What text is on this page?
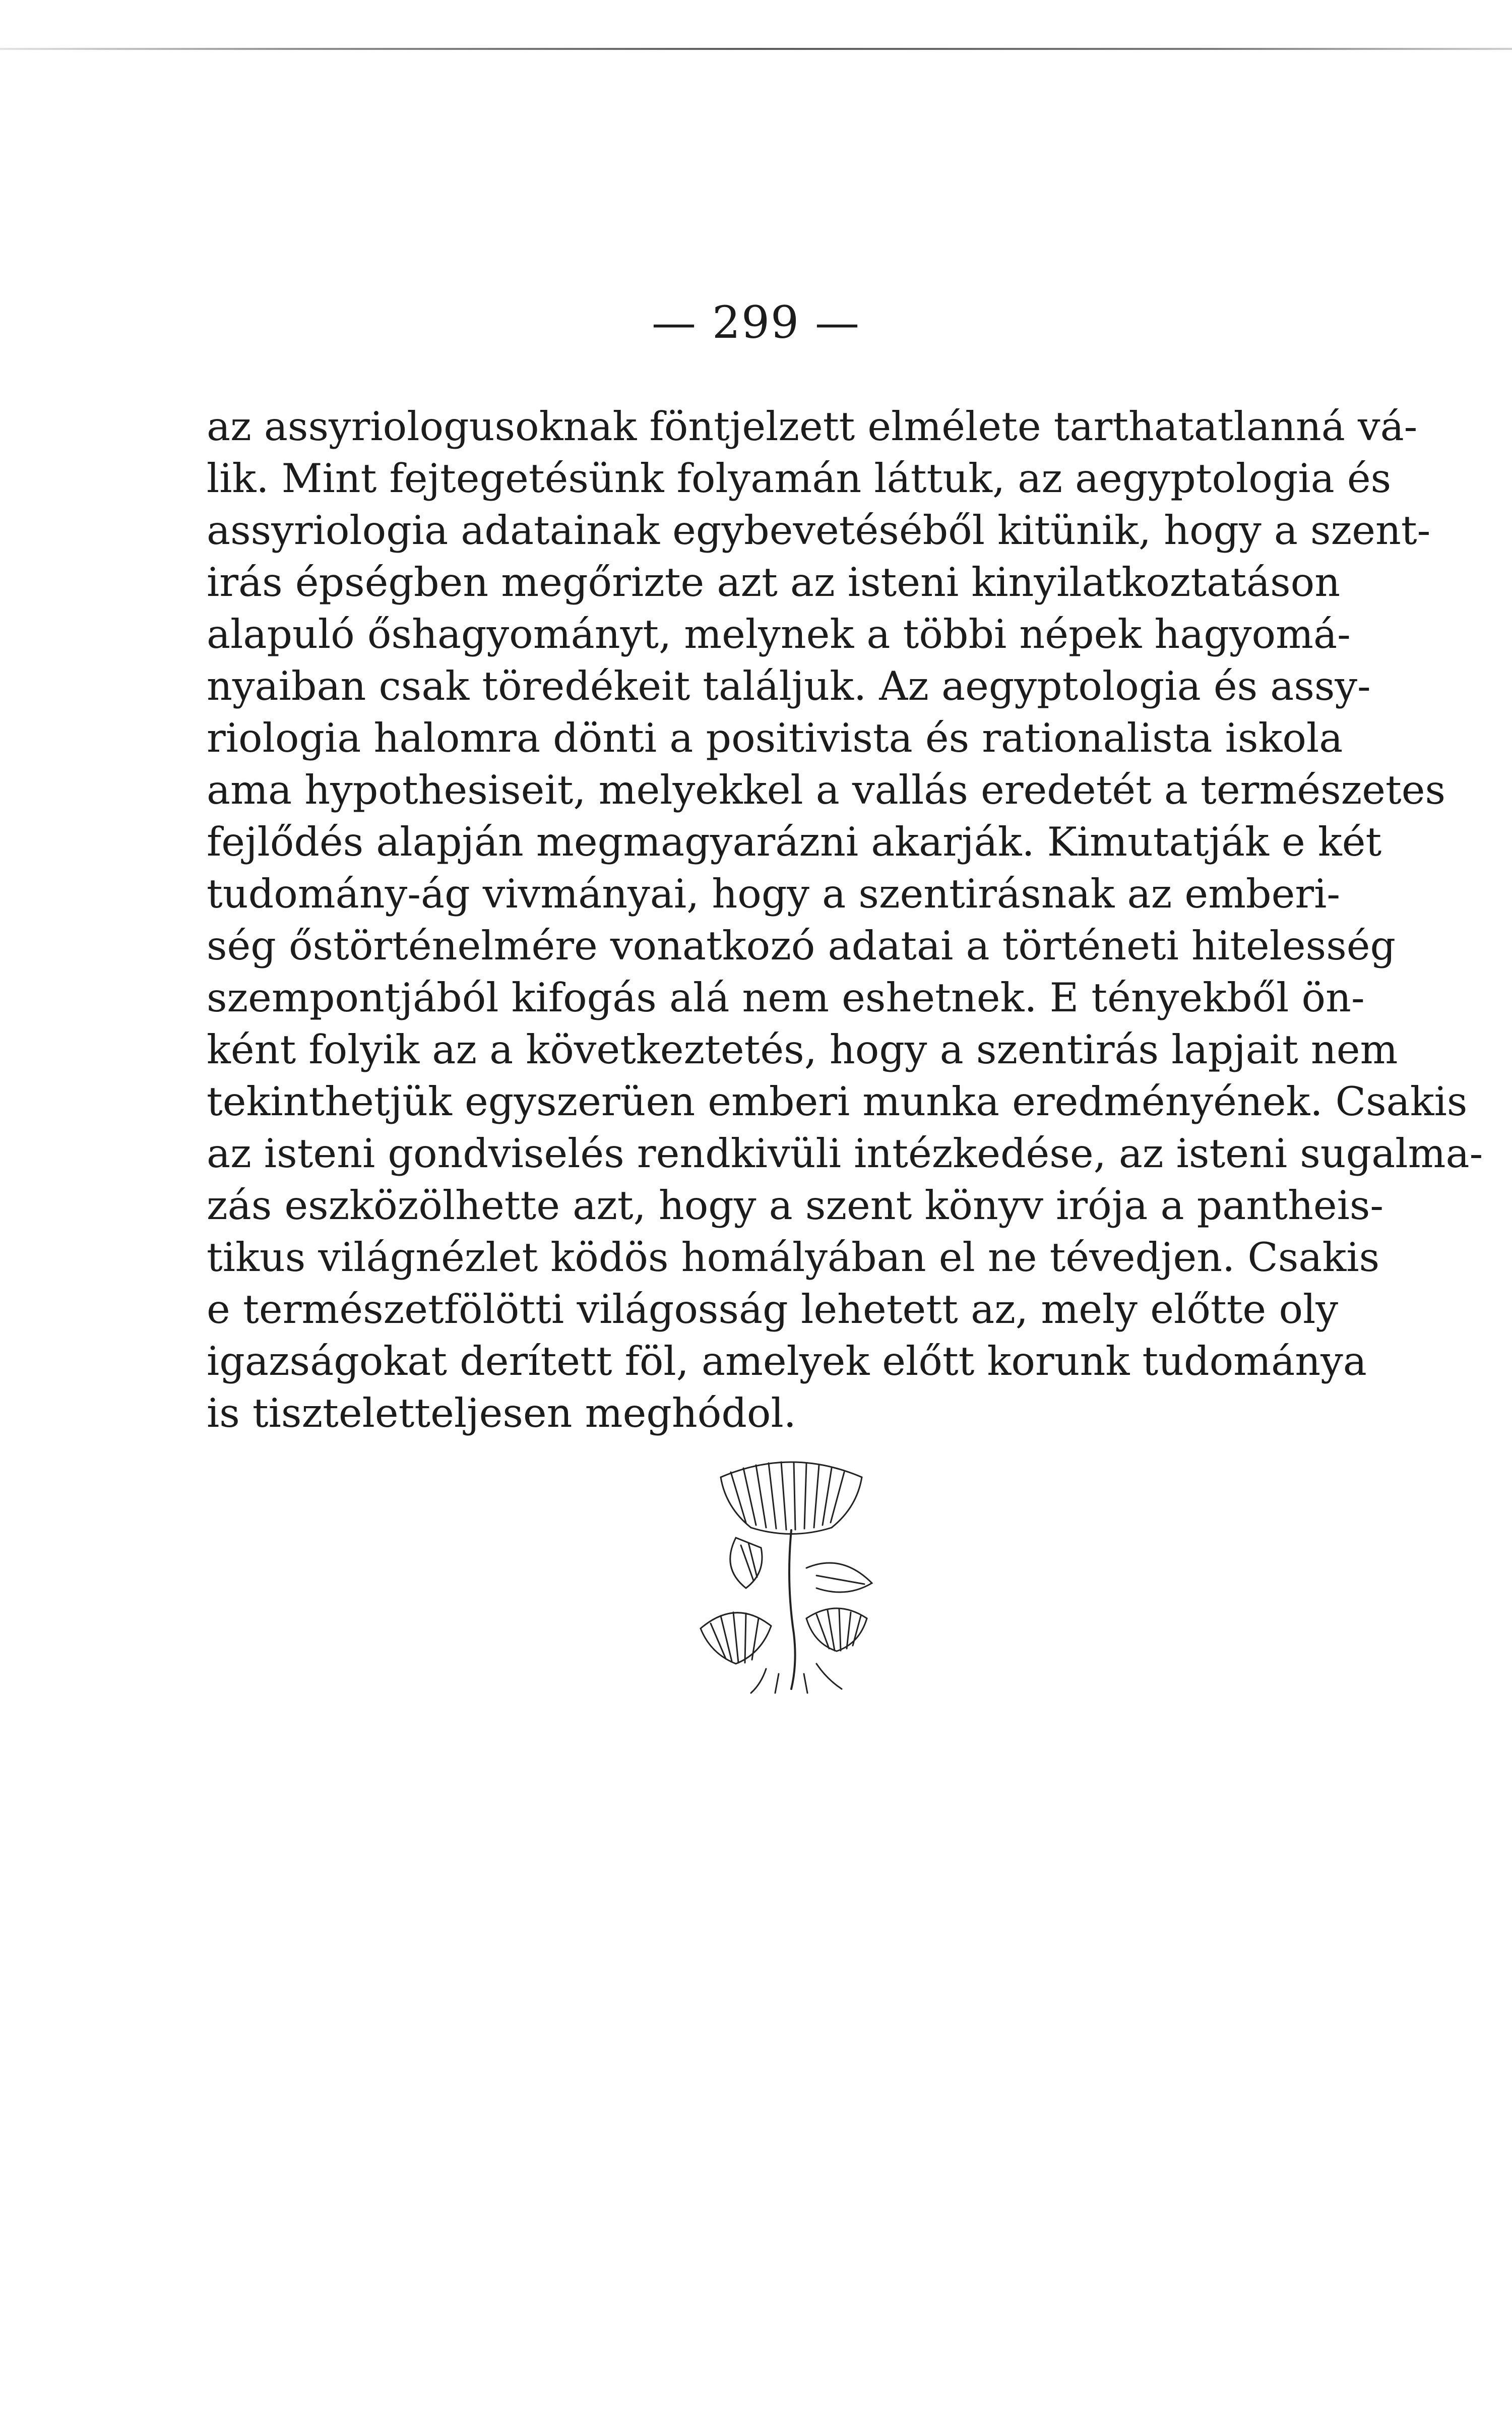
— 299 —
az assyriologusoknak föntjelzett elmélete tarthatatlanná vá-
lik. Mint fejtegetésünk folyamán láttuk, az aegyptologia és
assyriologia adatainak egybevetéséből kitünik, hogy a szent-
irás épségben megőrizte azt az isteni kinyilatkoztatáson
alapuló őshagyományt, melynek a többi népek hagyomá-
nyaiban csak töredékeit találjuk. Az aegyptologia és assy-
riologia halomra dönti a positivista és rationalista iskola
ama hypothesiseit, melyekkel a vallás eredetét a természetes
fejlődés alapján megmagyarázni akarják. Kimutatják e két
tudomány-ág vivmányai, hogy a szentirásnak az emberi-
ség őstörténelmére vonatkozó adatai a történeti hitelesség
szempontjából kifogás alá nem eshetnek. E tényekből ön-
ként folyik az a következtetés, hogy a szentirás lapjait nem
tekinthetjük egyszerüen emberi munka eredményének. Csakis
az isteni gondviselés rendkivüli intézkedése, az isteni sugalma-
zás eszközölhette azt, hogy a szent könyv irója a pantheis-
tikus világnézlet ködös homályában el ne tévedjen. Csakis
e természetfölötti világosság lehetett az, mely előtte oly
igazságokat derített föl, amelyek előtt korunk tudománya
is tiszteletteljesen meghódol.
